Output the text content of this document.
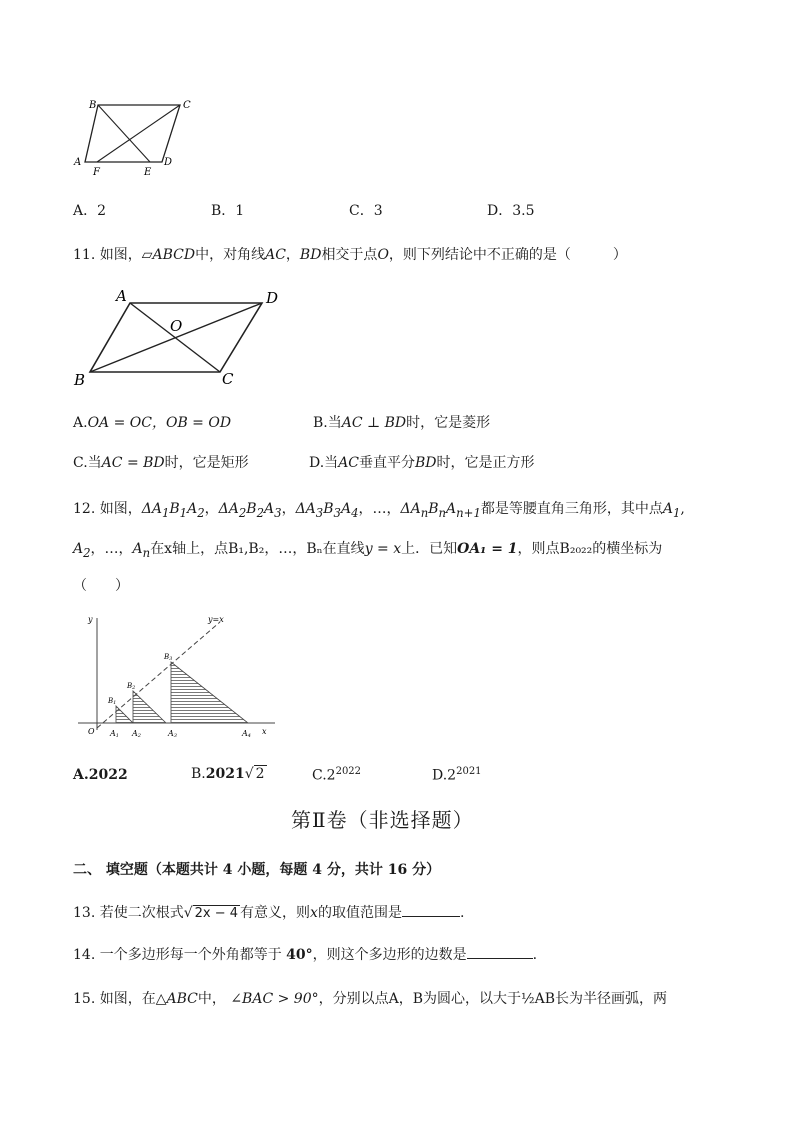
B	C
A
F	E
D
A．2	B．1	C．3	D．3.5
11. 如图，▱ABCD中，对角线AC，BD相交于点O，则下列结论中不正确的是（　　　）
A	D
O
B	C
A.OA = OC，OB = OD	B.当AC ⊥ BD时，它是菱形
C.当AC = BD时，它是矩形	D.当AC垂直平分BD时，它是正方形
12. 如图，$\Delta A_1B_1A_2$，$\Delta A_2B_2A_3$，$\Delta A_3B_3A_4$，…，$\Delta A_nB_nA_{n+1}$都是等腰直角三角形，其中点$A_1$,
$A_2$，…，$A_n$在x轴上，点B₁,B₂，…，Bₙ在直线y = x上．已知OA₁ = 1，则点B₂₀₂₂的横坐标为
（　　）
y
x
O
y=x
B1
B2
B3
A1 A2	A3	A4
A.2022	B.2021√ 2	$C.2^{2022}$	$D.2^{2021}$
第Ⅱ卷（非选择题）
二、 填空题（本题共计 4 小题，每题 4 分，共计 16 分）
13. 若使二次根式√ 2x − 4 有意义，则x的取值范围是	.
14. 一个多边形每一个外角都等于 40°，则这个多边形的边数是	.
15. 如图，在△ABC中， ∠BAC > 90°，分别以点A，B为圆心，以大于½AB长为半径画弧，两
